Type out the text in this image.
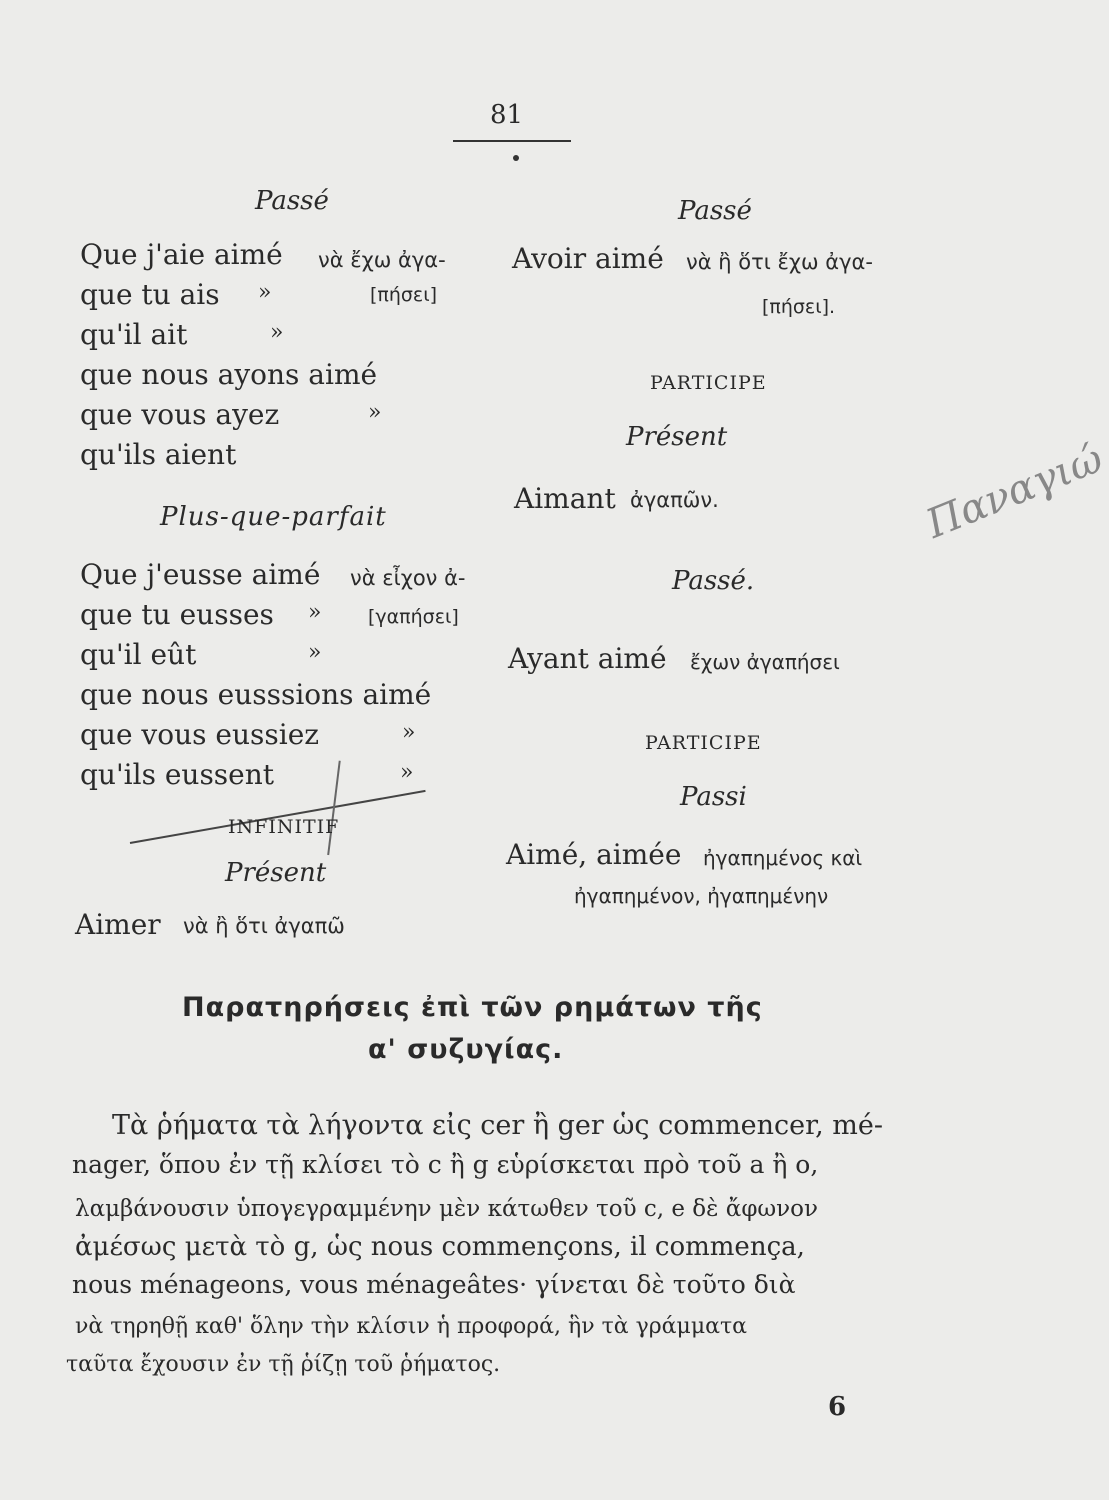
81
Passé
Que j'aie aimé νὰ ἔχω ἀγα-
que tu ais »	[πήσει]
qu'il ait	»
que nous ayons aimé
que vous ayez	»
qu'ils aient
Plus-que-parfait
Que j'eusse aimé νὰ εἶχον ἀ-
que tu eusses » [γαπήσει]
qu'il eût	»
que nous eusssions aimé
que vous eussiez	»
qu'ils eussent	»
INFINITIF
Présent
Aimer νὰ ἢ ὅτι ἀγαπῶ
Passé
Avoir aimé νὰ ἢ ὅτι ἔχω ἀγα-
[πήσει].
PARTICIPE
Présent
Aimant ἀγαπῶν.
Passé.
Ayant aimé ἔχων ἀγαπήσει
PARTICIPE
Passi
Aimé, aimée ἠγαπημένος καὶ
ἠγαπημένον, ἠγαπημένην
Παναγιώ
Παρατηρήσεις ἐπὶ τῶν ρημάτων τῆς
α' συζυγίας.
Τὰ ῥήματα τὰ λήγοντα εἰς cer ἢ ger ὡς commencer, mé-
nager, ὅπου ἐν τῇ κλίσει τὸ c ἢ g εὑρίσκεται πρὸ τοῦ a ἢ o,
λαμβάνουσιν ὑπογεγραμμένην μὲν κάτωθεν τοῦ c, e δὲ ἄφωνον
ἀμέσως μετὰ τὸ g, ὡς nous commençons, il commença,
nous ménageons, vous ménageâtes· γίνεται δὲ τοῦτο διὰ
νὰ τηρηθῇ καθ' ὅλην τὴν κλίσιν ἡ προφορά, ἣν τὰ γράμματα
ταῦτα ἔχουσιν ἐν τῇ ῥίζῃ τοῦ ῥήματος.
6
